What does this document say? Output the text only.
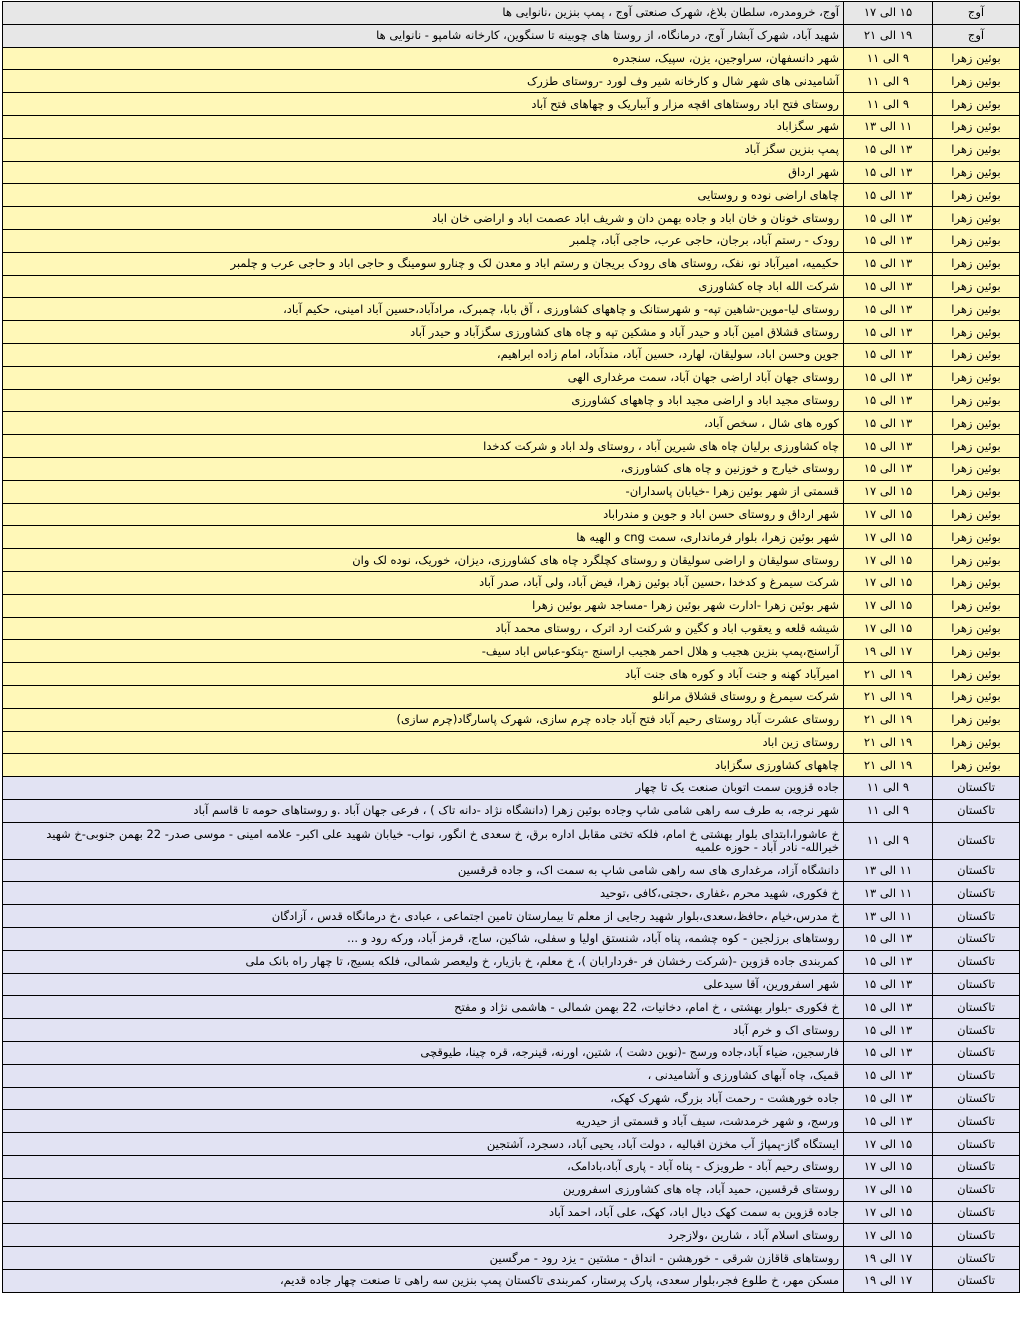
آوج	۱۵ الی ۱۷	آوج، خرومدره، سلطان بلاغ، شهرک صنعتی آوج ، پمپ بنزین ،نانوایی ها
آوج	۱۹ الی ۲۱	شهید آباد، شهرک آبشار آوج، درمانگاه، از روستا های چوبینه تا سنگوین، کارخانه شامپو - نانوایی ها
بوئین زهرا	۹ الی ۱۱	شهر دانسفهان، سراوجین، یزن، سپیک، سنجدره
بوئین زهرا	۹ الی ۱۱	آشامیدنی های شهر شال و کارخانه شیر وف لورد -روستای طزرک
بوئین زهرا	۹ الی ۱۱	روستای فتح اباد روستاهای اقچه مزار و آبباریک و چهاهای فتح آباد
بوئین زهرا	۱۱ الی ۱۳	شهر سگزاباد
بوئین زهرا	۱۳ الی ۱۵	پمپ بنزین سگز آباد
بوئین زهرا	۱۳ الی ۱۵	شهر ارداق
بوئین زهرا	۱۳ الی ۱۵	چاهای اراضی نوده و روستایی
بوئین زهرا	۱۳ الی ۱۵	روستای خونان و خان اباد و جاده بهمن دان و شریف اباد عصمت اباد و اراضی خان اباد
بوئین زهرا	۱۳ الی ۱۵	رودک - رستم آباد، برجان، حاجی عرب، حاجی آباد، چلمبر
بوئین زهرا	۱۳ الی ۱۵	حکیمیه، امیرآباد نو، نفک، روستای های رودک بریجان و رستم اباد و معدن لک و چنارو سومینگ و حاجی اباد و حاجی عرب و چلمبر
بوئین زهرا	۱۳ الی ۱۵	شرکت الله اباد چاه کشاورزی
بوئین زهرا	۱۳ الی ۱۵	روستای لیا-موین-شاهین تپه- و شهرستانک و چاههای کشاورزی ، آق بابا، چمبرک، مرادآباد،حسین آباد امینی، حکیم آباد،
بوئین زهرا	۱۳ الی ۱۵	روستای قشلاق امین آباد و حیدر آباد و مشکین تپه و چاه های کشاورزی سگزآباد و حیدر آباد
بوئین زهرا	۱۳ الی ۱۵	جوین وحسن اباد، سولیقان، لهارد، حسین آباد، مندآباد، امام زاده ابراهیم،
بوئین زهرا	۱۳ الی ۱۵	روستای جهان آباد اراضی جهان آباد، سمت مرغداری الهی
بوئین زهرا	۱۳ الی ۱۵	روستای مجید اباد و اراضی مجید اباد و چاههای کشاورزی
بوئین زهرا	۱۳ الی ۱۵	کوره های شال ، سخص آباد،
بوئین زهرا	۱۳ الی ۱۵	چاه کشاورزی برلیان چاه های شیرین آباد ، روستای ولد اباد و شرکت کدخدا
بوئین زهرا	۱۳ الی ۱۵	روستای خیارج و خوزنین و چاه های کشاورزی،
بوئین زهرا	۱۵ الی ۱۷	قسمتی از شهر بوئین زهرا -خیابان پاسداران-
بوئین زهرا	۱۵ الی ۱۷	شهر ارداق و روستای حسن اباد و جوین و مندراباد
بوئین زهرا	۱۵ الی ۱۷	شهر بوئین زهرا، بلوار فرمانداری، سمت cng و الهیه ها
بوئین زهرا	۱۵ الی ۱۷	روستای سولیقان و اراضی سولیقان و روستای کچلگرد چاه های کشاورزی، دیزان، خوریک، نوده لک وان
بوئین زهرا	۱۵ الی ۱۷	شرکت سیمرغ و کدخدا ،حسین آباد بوئین زهرا، فیض آباد، ولی آباد، صدر آباد
بوئین زهرا	۱۵ الی ۱۷	شهر بوئین زهرا -ادارت شهر بوئین زهرا -مساجد شهر بوئین زهرا
بوئین زهرا	۱۵ الی ۱۷	شیشه قلعه و یعقوب اباد و کگین و شرکنت ارد اترک ، روستای محمد آباد
بوئین زهرا	۱۷ الی ۱۹	آراسنج،پمپ بنزین هجیب و هلال احمر هجیب اراسنج -پتکو-عباس اباد سیف-
بوئین زهرا	۱۹ الی ۲۱	امیرآباد کهنه و جنت آباد و کوره های جنت آباد
بوئین زهرا	۱۹ الی ۲۱	شرکت سیمرغ و روستای قشلاق مرانلو
بوئین زهرا	۱۹ الی ۲۱	روستای عشرت آباد روستای رحیم آباد فتح آباد جاده چرم سازی، شهرک پاسارگاد(چرم سازی)
بوئین زهرا	۱۹ الی ۲۱	روستای زین اباد
بوئین زهرا	۱۹ الی ۲۱	چاههای کشاورزی سگزاباد
تاکستان	۹ الی ۱۱	جاده قزوین سمت اتوبان صنعت یک تا چهار
تاکستان	۹ الی ۱۱	شهر نرجه، به طرف سه راهی شامی شاپ وجاده بوئین زهرا (دانشگاه نژاد -دانه تاک ) ، فرعی جهان آباد .و روستاهای حومه تا قاسم آباد
تاکستان	۹ الی ۱۱	خ عاشورا،ابتدای بلوار بهشتی خ امام، فلکه تختی مقابل اداره برق، خ سعدی خ انگور، نواب- خیابان شهید علی اکبر- علامه امینی - موسی صدر- 22 بهمن جنوبی-خ شهید خیرالله- نادر آباد - حوزه علمیه
تاکستان	۱۱ الی ۱۳	دانشگاه آزاد، مرغداری های سه راهی شامی شاپ به سمت اک، و جاده قرقسین
تاکستان	۱۱ الی ۱۳	خ فکوری، شهید محرم ،غفاری ،حجتی،کافی ،توحید
تاکستان	۱۱ الی ۱۳	خ مدرس،خیام ،حافظ،سعدی،بلوار شهید رجایی از معلم تا بیمارستان تامین اجتماعی ، عبادی ،خ درمانگاه قدس ، آزادگان
تاکستان	۱۳ الی ۱۵	روستاهای برزلجین - کوه چشمه، پناه آباد، شنستق اولیا و سفلی، شاکین، ساج، قرمز آباد، ورکه رود و ...
تاکستان	۱۳ الی ۱۵	کمربندی جاده قزوین -(شرکت رخشان فر -فردارابان )، خ معلم، خ بازیار، خ ولیعصر شمالی، فلکه بسیج، تا چهار راه بانک ملی
تاکستان	۱۳ الی ۱۵	شهر اسفرورین، آقا سیدعلی
تاکستان	۱۳ الی ۱۵	خ فکوری -بلوار بهشتی ، خ امام، دخانیات، 22 بهمن شمالی - هاشمی نژاد و مفتح
تاکستان	۱۳ الی ۱۵	روستای اک و خرم آباد
تاکستان	۱۳ الی ۱۵	فارسجین، ضیاء آباد،جاده ورسج -(نوین دشت )، شتین، اورنه، قینرجه، قره چینا، طیوقچی
تاکستان	۱۳ الی ۱۵	قمیک، چاه آبهای کشاورزی و آشامیدنی ،
تاکستان	۱۳ الی ۱۵	جاده خورهشت - رحمت آباد بزرگ، شهرک کهک،
تاکستان	۱۳ الی ۱۵	ورسج، و شهر خرمدشت، سیف آباد و قسمتی از حیدریه
تاکستان	۱۵ الی ۱۷	ایستگاه گاز-پمپاژ آب مخزن اقبالیه ، دولت آباد، یحیی آباد، دسجرد، آشتجین
تاکستان	۱۵ الی ۱۷	روستای رحیم آباد - طرویزک - پناه آباد - پاری آباد،بادامک،
تاکستان	۱۵ الی ۱۷	روستای قرقسین، حمید آباد، چاه های کشاورزی اسفرورین
تاکستان	۱۵ الی ۱۷	جاده قزوین به سمت کهک دیال اباد، کهک، علی آباد، احمد آباد
تاکستان	۱۵ الی ۱۷	روستای اسلام آباد ، شارین ،ولازجرد
تاکستان	۱۷ الی ۱۹	روستاهای قاقازن شرقی - خورهشن - انداق - مشتین - یزد رود - مرگسین
تاکستان	۱۷ الی ۱۹	مسکن مهر، خ طلوع فجر،بلوار سعدی، پارک پرستار، کمربندی تاکستان پمپ بنزین سه راهی تا صنعت چهار جاده قدیم،
